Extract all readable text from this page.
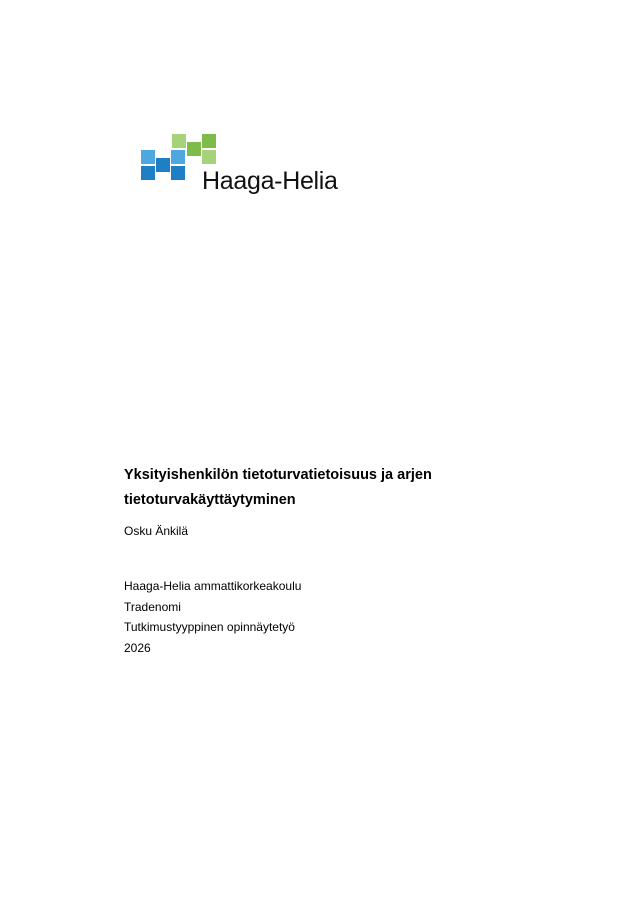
Haaga-Helia
Yksityishenkilön tietoturvatietoisuus ja arjen tietoturvakäyttäytyminen

Osku Änkilä

Haaga-Helia ammattikorkeakoulu
Tradenomi
Tutkimustyyppinen opinnäytetyö
2026
